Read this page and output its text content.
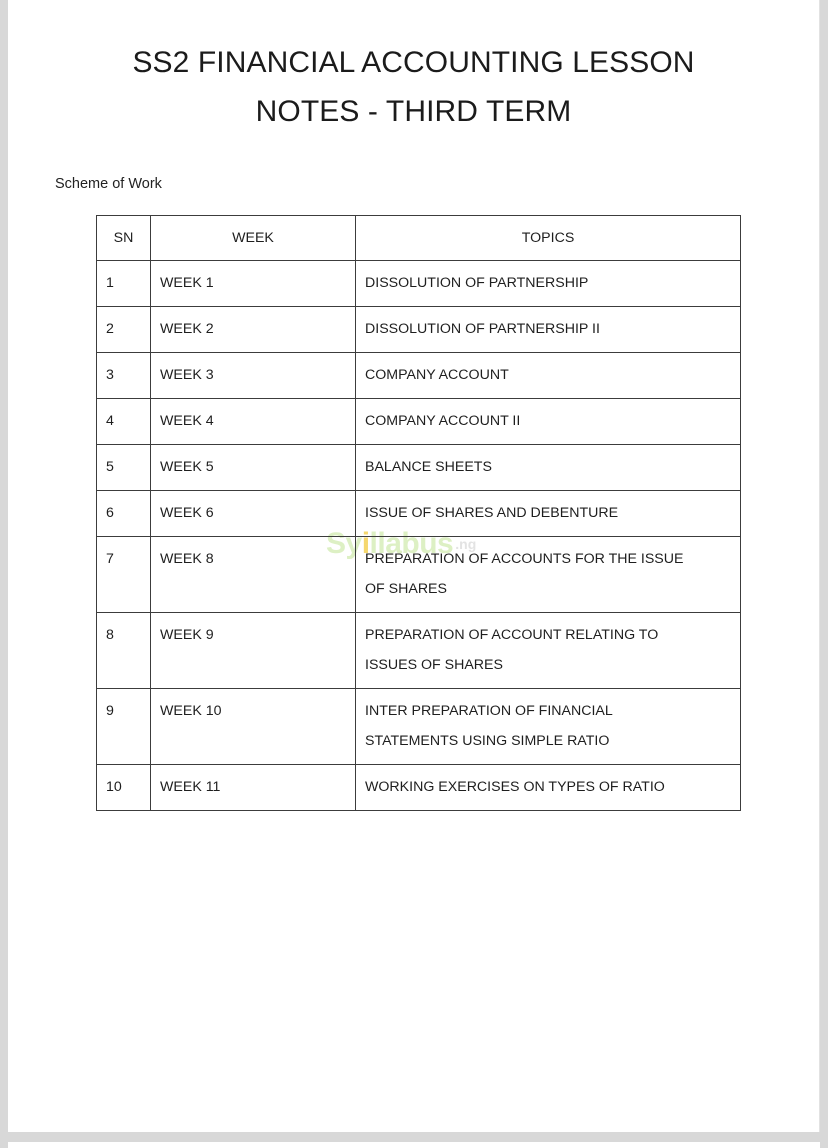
SS2 FINANCIAL ACCOUNTING LESSON NOTES - THIRD TERM

Scheme of Work

Syillabus .ng
SN	WEEK	TOPICS
1	WEEK 1	DISSOLUTION OF PARTNERSHIP

2	WEEK 2	DISSOLUTION OF PARTNERSHIP II

3	WEEK 3	COMPANY ACCOUNT

4	WEEK 4	COMPANY ACCOUNT II

5	WEEK 5	BALANCE SHEETS

6	WEEK 6	ISSUE OF SHARES AND DEBENTURE

7	WEEK 8	PREPARATION OF ACCOUNTS FOR THE ISSUE
OF SHARES

8	WEEK 9	PREPARATION OF ACCOUNT RELATING TO
ISSUES OF SHARES

9	WEEK 10	INTER PREPARATION OF FINANCIAL
STATEMENTS USING SIMPLE RATIO

10	WEEK 11	WORKING EXERCISES ON TYPES OF RATIO
